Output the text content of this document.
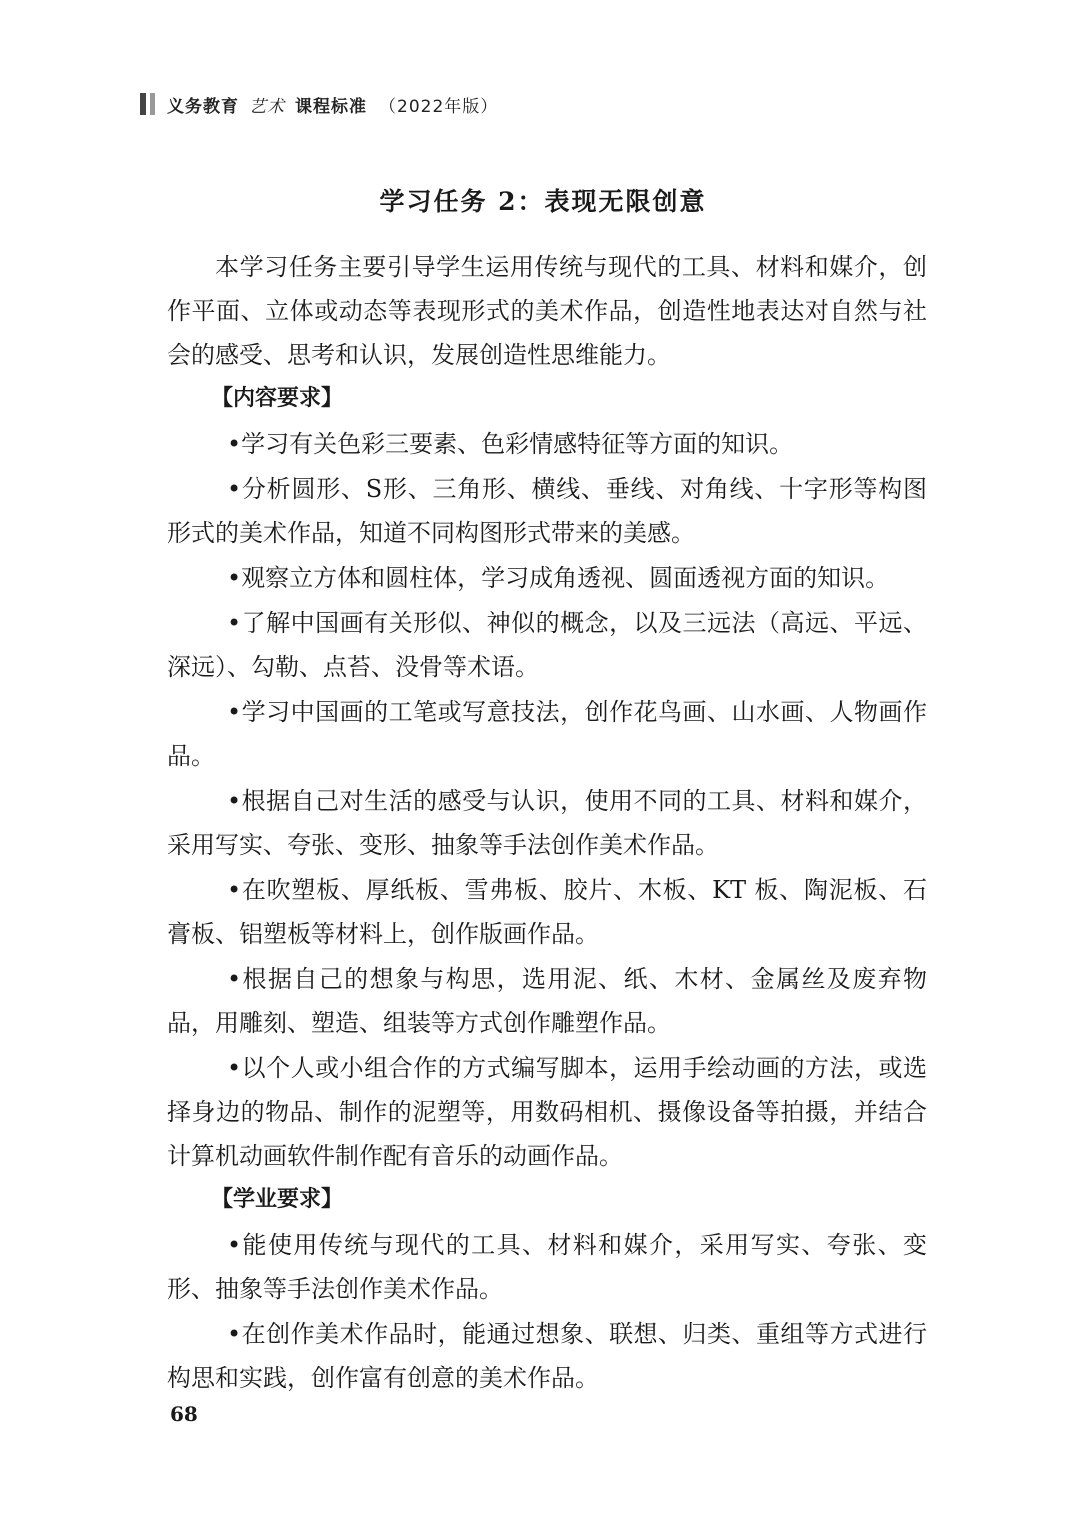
义务教育 艺术 课程标准 （2022年版）
学习任务 2：表现无限创意

本学习任务主要引导学生运用传统与现代的工具、材料和媒介，创作平面、立体或动态等表现形式的美术作品，创造性地表达对自然与社会的感受、思考和认识，发展创造性思维能力。

【内容要求】

•学习有关色彩三要素、色彩情感特征等方面的知识。

•分析圆形、S形、三角形、横线、垂线、对角线、十字形等构图形式的美术作品，知道不同构图形式带来的美感。

•观察立方体和圆柱体，学习成角透视、圆面透视方面的知识。

•了解中国画有关形似、神似的概念，以及三远法（高远、平远、深远）、勾勒、点苔、没骨等术语。

•学习中国画的工笔或写意技法，创作花鸟画、山水画、人物画作品。

•根据自己对生活的感受与认识，使用不同的工具、材料和媒介，采用写实、夸张、变形、抽象等手法创作美术作品。

•在吹塑板、厚纸板、雪弗板、胶片、木板、KT 板、陶泥板、石膏板、铝塑板等材料上，创作版画作品。

•根据自己的想象与构思，选用泥、纸、木材、金属丝及废弃物品，用雕刻、塑造、组装等方式创作雕塑作品。

•以个人或小组合作的方式编写脚本，运用手绘动画的方法，或选择身边的物品、制作的泥塑等，用数码相机、摄像设备等拍摄，并结合计算机动画软件制作配有音乐的动画作品。

【学业要求】

•能使用传统与现代的工具、材料和媒介，采用写实、夸张、变形、抽象等手法创作美术作品。

•在创作美术作品时，能通过想象、联想、归类、重组等方式进行构思和实践，创作富有创意的美术作品。

68
